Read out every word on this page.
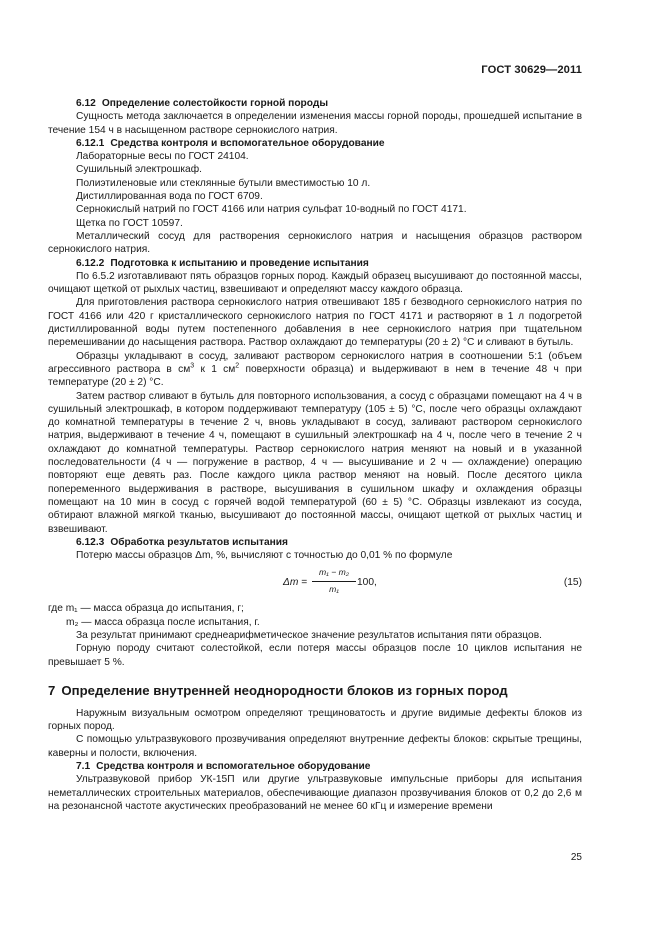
ГОСТ 30629—2011

6.12 Определение солестойкости горной породы

Сущность метода заключается в определении изменения массы горной породы, прошедшей испытание в течение 154 ч в насыщенном растворе сернокислого натрия.

6.12.1 Средства контроля и вспомогательное оборудование

Лабораторные весы по ГОСТ 24104.

Сушильный электрошкаф.

Полиэтиленовые или стеклянные бутыли вместимостью 10 л.

Дистиллированная вода по ГОСТ 6709.

Сернокислый натрий по ГОСТ 4166 или натрия сульфат 10-водный по ГОСТ 4171.

Щетка по ГОСТ 10597.

Металлический сосуд для растворения сернокислого натрия и насыщения образцов раствором сернокислого натрия.

6.12.2 Подготовка к испытанию и проведение испытания

По 6.5.2 изготавливают пять образцов горных пород. Каждый образец высушивают до постоянной массы, очищают щеткой от рыхлых частиц, взвешивают и определяют массу каждого образца.

Для приготовления раствора сернокислого натрия отвешивают 185 г безводного сернокислого натрия по ГОСТ 4166 или 420 г кристаллического сернокислого натрия по ГОСТ 4171 и растворяют в 1 л подогретой дистиллированной воды путем постепенного добавления в нее сернокислого натрия при тщательном перемешивании до насыщения раствора. Раствор охлаждают до температуры (20 ± 2) °С и сливают в бутыль.

Образцы укладывают в сосуд, заливают раствором сернокислого натрия в соотношении 5:1 (объем агрессивного раствора в $см^3$ к 1 $см^2$ поверхности образца) и выдерживают в нем в течение 48 ч при температуре (20 ± 2) °С.

Затем раствор сливают в бутыль для повторного использования, а сосуд с образцами помещают на 4 ч в сушильный электрошкаф, в котором поддерживают температуру (105 ± 5) °С, после чего образцы охлаждают до комнатной температуры в течение 2 ч, вновь укладывают в сосуд, заливают раствором сернокислого натрия, выдерживают в течение 4 ч, помещают в сушильный электрошкаф на 4 ч, после чего в течение 2 ч охлаждают до комнатной температуры. Раствор сернокислого натрия меняют на новый и в указанной последовательности (4 ч — погружение в раствор, 4 ч — высушивание и 2 ч — охлаждение) операцию повторяют еще девять раз. После каждого цикла раствор меняют на новый. После десятого цикла попеременного выдерживания в растворе, высушивания в сушильном шкафу и охлаждения образцы помещают на 10 мин в сосуд с горячей водой температурой (60 ± 5) °С. Образцы извлекают из сосуда, обтирают влажной мягкой тканью, высушивают до постоянной массы, очищают щеткой от рыхлых частиц и взвешивают.

6.12.3 Обработка результатов испытания

Потерю массы образцов Δm, %, вычисляют с точностью до 0,01 % по формуле

Δm =
m₁ − m₂
m₁
100,	(15)

где m₁ — масса образца до испытания, г;

m₂ — масса образца после испытания, г.

За результат принимают среднеарифметическое значение результатов испытания пяти образцов.

Горную породу считают солестойкой, если потеря массы образцов после 10 циклов испытания не превышает 5 %.

7 Определение внутренней неоднородности блоков из горных пород

Наружным визуальным осмотром определяют трещиноватость и другие видимые дефекты блоков из горных пород.

С помощью ультразвукового прозвучивания определяют внутренние дефекты блоков: скрытые трещины, каверны и полости, включения.

7.1 Средства контроля и вспомогательное оборудование

Ультразвуковой прибор УК-15П или другие ультразвуковые импульсные приборы для испытания неметаллических строительных материалов, обеспечивающие диапазон прозвучивания блоков от 0,2 до 2,6 м на резонансной частоте акустических преобразований не менее 60 кГц и измерение времени

25
